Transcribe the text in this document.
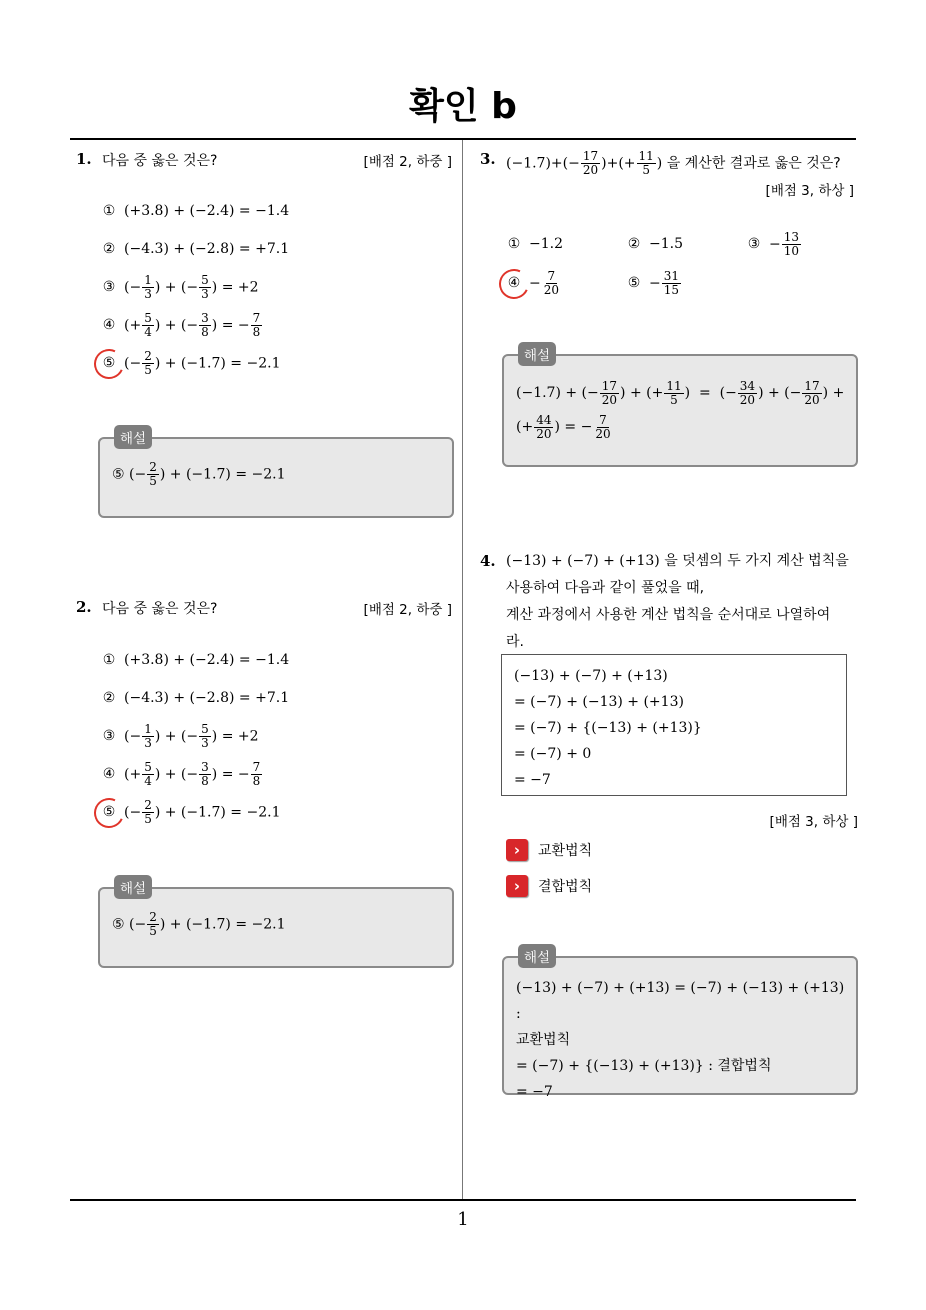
확인 b
1
1. 다음 중 옳은 것은?	[배점 2, 하중 ]
① (+3.8) + (−2.4) = −1.4
② (−4.3) + (−2.8) = +7.1
③ (− $\frac{1}{3}$ ) + (− $\frac{5}{3}$ ) = +2
④ (+ $\frac{5}{4}$ ) + (− $\frac{3}{8}$ ) = − $\frac{7}{8}$
⑤ (− $\frac{2}{5}$ ) + (−1.7) = −2.1
해설
⑤ (− $\frac{2}{5}$ ) + (−1.7) = −2.1
2. 다음 중 옳은 것은?	[배점 2, 하중 ]
① (+3.8) + (−2.4) = −1.4
② (−4.3) + (−2.8) = +7.1
③ (− $\frac{1}{3}$ ) + (− $\frac{5}{3}$ ) = +2
④ (+ $\frac{5}{4}$ ) + (− $\frac{3}{8}$ ) = − $\frac{7}{8}$
⑤ (− $\frac{2}{5}$ ) + (−1.7) = −2.1
해설
⑤ (− $\frac{2}{5}$ ) + (−1.7) = −2.1
3. $(-1.7)+(- \frac{17}{20}$ )+(+ $\frac{11}{5}$ ) 을 계산한 결과로 옳은 것은?
[배점 3, 하상 ]
① −1.2	② −1.5	③ − $\frac{13}{10}$
④ − $\frac{7}{20}$	⑤ − $\frac{31}{15}$
해설
(−1.7) + (− $\frac{17}{20}$ ) + (+ $\frac{11}{5}$ )  =  (− $\frac{34}{20}$ ) + (− $\frac{17}{20}$ ) +
(+ $\frac{44}{20}$ ) = − $\frac{7}{20}$
4. (−13) + (−7) + (+13) 을 덧셈의 두 가지 계산 법칙을
사용하여 다음과 같이 풀었을 때,
계산 과정에서 사용한 계산 법칙을 순서대로 나열하여
라.
(−13) + (−7) + (+13)
= (−7) + (−13) + (+13)
= (−7) + {(−13) + (+13)}
= (−7) + 0
= −7
[배점 3, 하상 ]
›	교환법칙
›	결합법칙
해설
(−13) + (−7) + (+13) = (−7) + (−13) + (+13) :
교환법칙
= (−7) + {(−13) + (+13)} : 결합법칙
= −7
